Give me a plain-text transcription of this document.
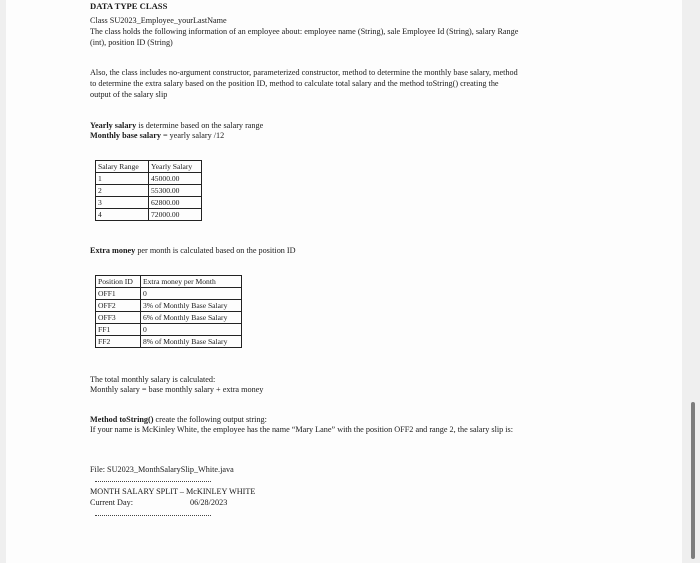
DATA TYPE CLASS
Class SU2023_Employee_yourLastName
The class holds the following information of an employee about: employee name (String), sale Employee Id (String), salary Range (int), position ID (String)
Also, the class includes no-argument constructor, parameterized constructor, method to determine the monthly base salary, method to determine the extra salary based on the position ID, method to calculate total salary and the method toString() creating the output of the salary slip
Yearly salary is determine based on the salary range
Monthly base salary = yearly salary /12
Salary Range	Yearly Salary
1	45000.00
2	55300.00
3	62800.00
4	72000.00
Extra money per month is calculated based on the position ID
Position ID	Extra money per Month
OFF1	0
OFF2	3% of Monthly Base Salary
OFF3	6% of Monthly Base Salary
FF1	0
FF2	8% of Monthly Base Salary
The total monthly salary is calculated:
Monthly salary = base monthly salary + extra money
Method toString() create the following output string:
If your name is McKinley White, the employee has the name “Mary Lane” with the position OFF2 and range 2, the salary slip is:
File: SU2023_MonthSalarySlip_White.java
MONTH SALARY SPLIT – McKINLEY WHITE
Current Day:	06/28/2023
